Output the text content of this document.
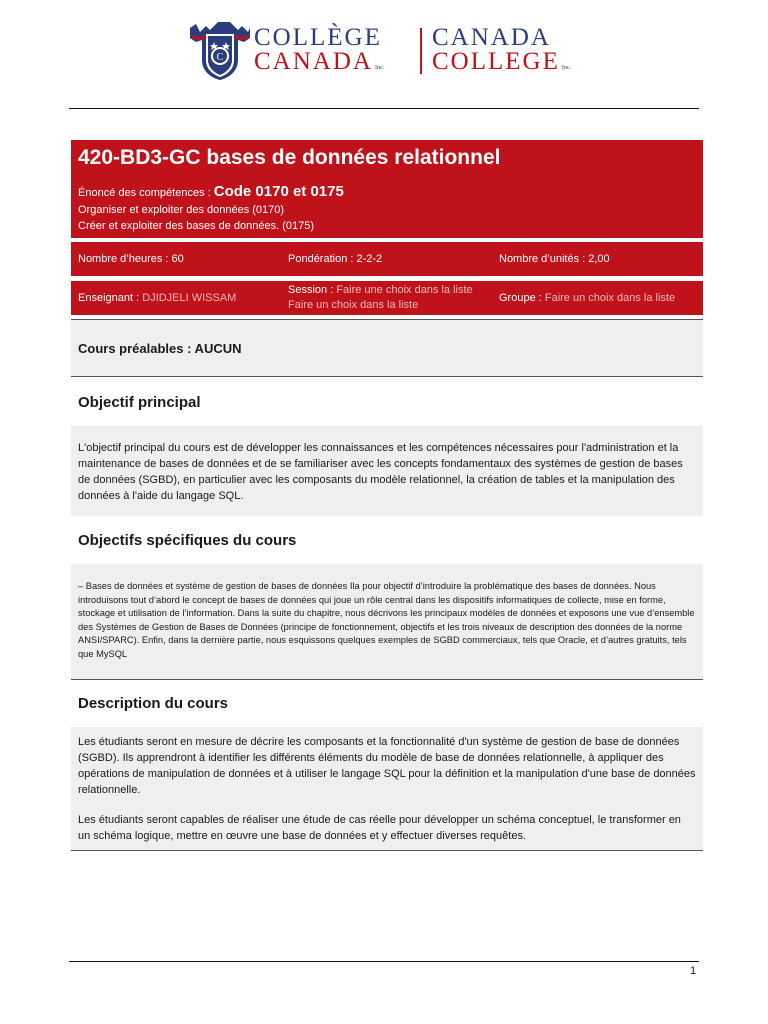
C
COLLÈGE
CANADA Inc.
CANADA
COLLEGE Inc.
420-BD3-GC bases de données relationnel
Énoncé des compétences : Code 0170 et 0175
Organiser et exploiter des données (0170)
Créer et exploiter des bases de données. (0175)
Nombre d’heures : 60	Pondération : 2-2-2	Nombre d’unités : 2,00
Enseignant : DJIDJELI WISSAM
Session : Faire une choix dans la liste
Faire un choix dans la liste
Groupe : Faire un choix dans la liste
Cours préalables : AUCUN
Objectif principal
L'objectif principal du cours est de développer les connaissances et les compétences nécessaires pour l'administration et la maintenance de bases de données et de se familiariser avec les concepts fondamentaux des systèmes de gestion de bases de données (SGBD), en particulier avec les composants du modèle relationnel, la création de tables et la manipulation des données à l'aide du langage SQL.
Objectifs spécifiques du cours
– Bases de données et système de gestion de bases de données Ila pour objectif d’introduire la problématique des bases de données. Nous introduisons tout d’abord le concept de bases de données qui joue un rôle central dans les dispositifs informatiques de collecte, mise en forme, stockage et utilisation de l’information. Dans la suite du chapitre, nous décrivons les principaux modèles de données et exposons une vue d’ensemble des Systèmes de Gestion de Bases de Données (principe de fonctionnement, objectifs et les trois niveaux de description des données de la norme ANSI/SPARC). Enfin, dans la dernière partie, nous esquissons quelques exemples de SGBD commerciaux, tels que Oracle, et d’autres gratuits, tels que MySQL
Description du cours
Les étudiants seront en mesure de décrire les composants et la fonctionnalité d'un système de gestion de base de données (SGBD). Ils apprendront à identifier les différents éléments du modèle de base de données relationnelle, à appliquer des opérations de manipulation de données et à utiliser le langage SQL pour la définition et la manipulation d'une base de données relationnelle.
Les étudiants seront capables de réaliser une étude de cas réelle pour développer un schéma conceptuel, le transformer en un schéma logique, mettre en œuvre une base de données et y effectuer diverses requêtes.
1
